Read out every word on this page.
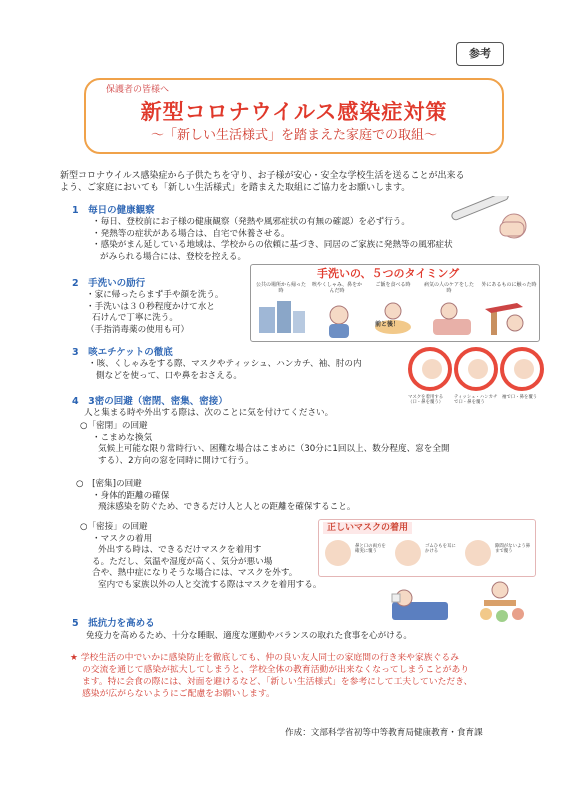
参考
保護者の皆様へ
新型コロナウイルス感染症対策
～「新しい生活様式」を踏まえた家庭での取組～
新型コロナウイルス感染症から子供たちを守り、お子様が安心・安全な学校生活を送ることが出来る
よう、ご家庭においても「新しい生活様式」を踏まえた取組にご協力をお願いします。
1　毎日の健康観察
・毎日、登校前にお子様の健康観察（発熱や風邪症状の有無の確認）を必ず行う。
・発熱等の症状がある場合は、自宅で休養させる。
・感染がまん延している地域は、学校からの依頼に基づき、同居のご家族に発熱等の風邪症状
がみられる場合には、登校を控える。
2　手洗いの励行
・家に帰ったらまず手や顔を洗う。
・手洗いは３０秒程度かけて水と
石けんで丁寧に洗う。
（手指消毒薬の使用も可）
手洗いの、５つのタイミング
公共の場所から帰った時
咳やくしゃみ、鼻をかんだ時
ご飯を食べる時	病気の人のケアをした時
外にあるものに触った時
前と後！
3　咳エチケットの徹底
・咳、くしゃみをする際、マスクやティッシュ、ハンカチ、袖、肘の内
側などを使って、口や鼻をおさえる。
マスクを着用する（口・鼻を覆う）
ティッシュ・ハンカチで口・鼻を覆う
袖で口・鼻を覆う
4　3密の回避（密閉、密集、密接）
人と集まる時や外出する際は、次のことに気を付けてください。
○「密閉」の回避
・こまめな換気
気候上可能な限り常時行い、困難な場合はこまめに（30分に1回以上、数分程度、窓を全開
する）、2方向の窓を同時に開けて行う。
○　[密集]の回避
・身体的距離の確保
飛沫感染を防ぐため、できるだけ人と人との距離を確保すること。
○「密接」の回避
・マスクの着用
外出する時は、できるだけマスクを着用す
る。ただし、気温や湿度が高く、気分が悪い場
合や、熱中症になりそうな場合には、マスクを外す。
室内でも家族以外の人と交流する際はマスクを着用する。
正しいマスクの着用
鼻と口の両方を確実に覆う
ゴムひもを耳にかける
隙間がないよう鼻まで覆う
5　抵抗力を高める
免疫力を高めるため、十分な睡眠、適度な運動やバランスの取れた食事を心がける。
★ 学校生活の中でいかに感染防止を徹底しても、仲の良い友人同士の家庭間の行き来や家族ぐるみ
の交流を通じて感染が拡大してしまうと、学校全体の教育活動が出来なくなってしまうことがあり
ます。特に会食の際には、対面を避けるなど、「新しい生活様式」を参考にして工夫していただき、
感染が広がらないようにご配慮をお願いします。
作成：文部科学省初等中等教育局健康教育・食育課
